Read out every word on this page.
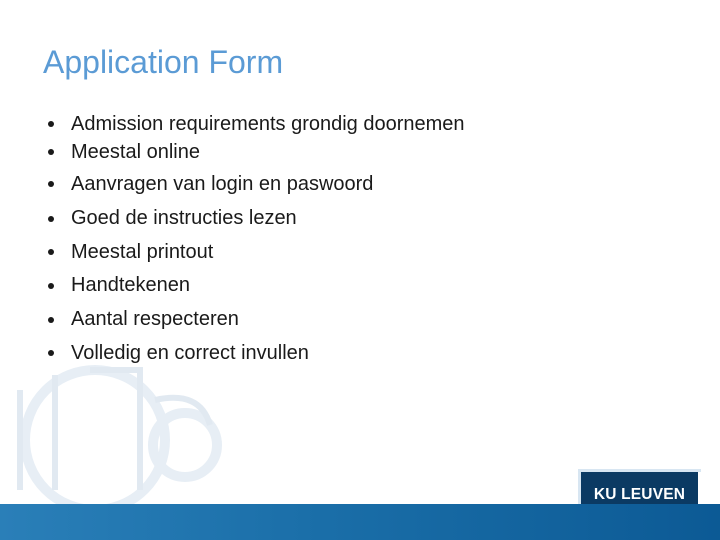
Application Form
Admission requirements grondig doornemen
Meestal online
Aanvragen van login en paswoord
Goed de instructies lezen
Meestal printout
Handtekenen
Aantal respecteren
Volledig en correct invullen
KU LEUVEN
